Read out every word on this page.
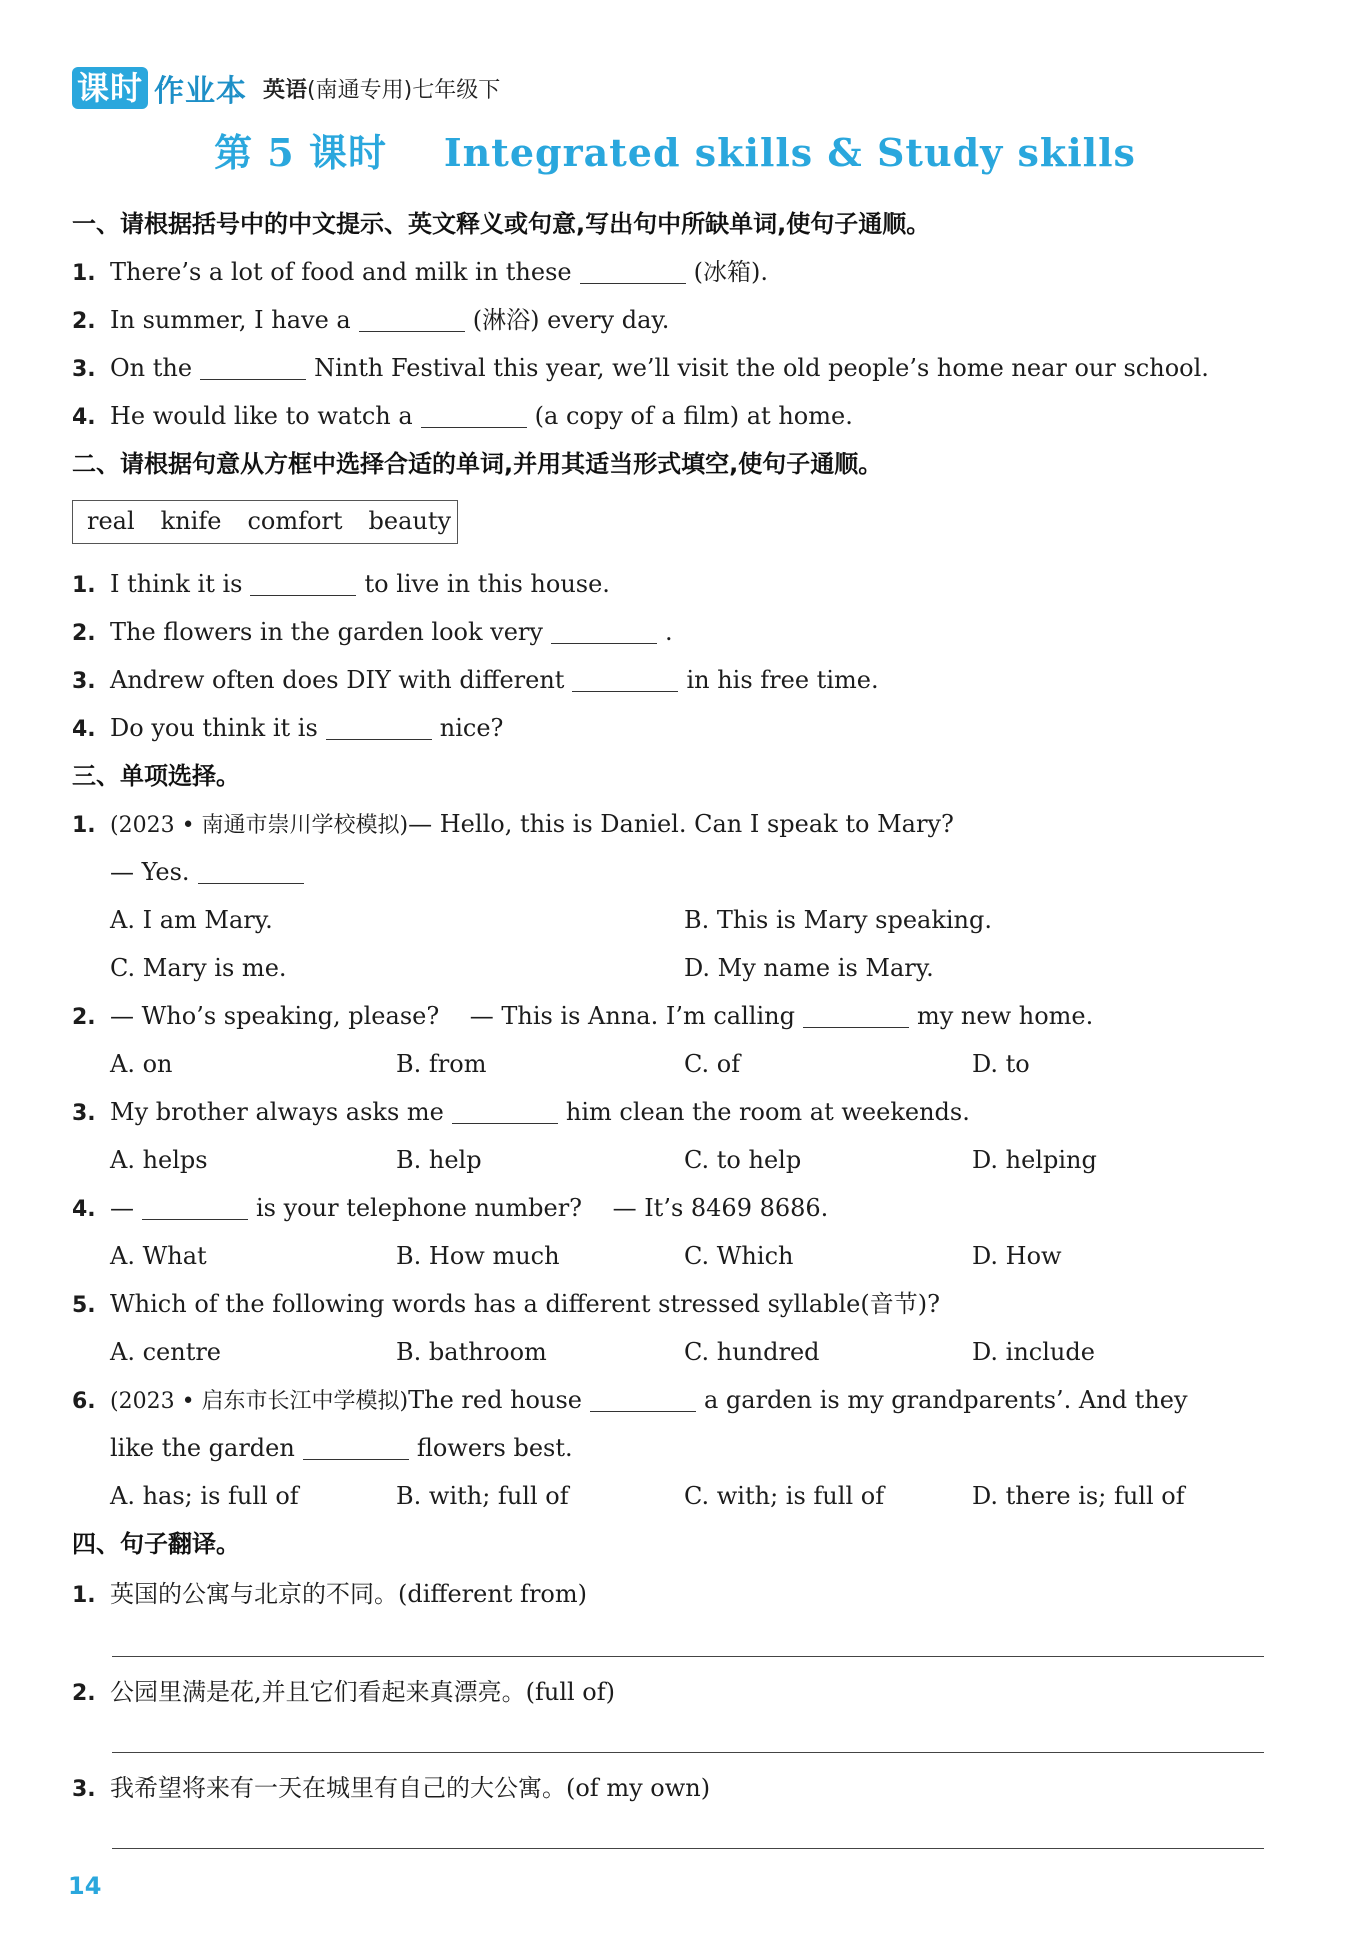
课时 作业本 英语(南通专用)七年级下
第 5 课时 Integrated skills & Study skills
一、请根据括号中的中文提示、英文释义或句意,写出句中所缺单词,使句子通顺。
1. There’s a lot of food and milk in these	(冰箱).
2. In summer, I have a	(淋浴) every day.
3. On the	Ninth Festival this year, we’ll visit the old people’s home near our school.
4. He would like to watch a	(a copy of a film) at home.
二、请根据句意从方框中选择合适的单词,并用其适当形式填空,使句子通顺。
real knife comfort beauty
1. I think it is	to live in this house.
2. The flowers in the garden look very	.
3. Andrew often does DIY with different	in his free time.
4. Do you think it is	nice?
三、单项选择。
1. (2023 • 南通市崇川学校模拟)— Hello, this is Daniel. Can I speak to Mary?
— Yes.
A. I am Mary.	B. This is Mary speaking.
C. Mary is me.	D. My name is Mary.
2. — Who’s speaking, please?    — This is Anna. I’m calling	my new home.
A. on	B. from	C. of	D. to
3. My brother always asks me	him clean the room at weekends.
A. helps	B. help	C. to help	D. helping
4. —	is your telephone number?    — It’s 8469 8686.
A. What	B. How much	C. Which	D. How
5. Which of the following words has a different stressed syllable(音节)?
A. centre	B. bathroom	C. hundred	D. include
6. (2023 • 启东市长江中学模拟)The red house	a garden is my grandparents’. And they
like the garden	flowers best.
A. has; is full of	B. with; full of	C. with; is full of	D. there is; full of
四、句子翻译。
1. 英国的公寓与北京的不同。(different from)
2. 公园里满是花,并且它们看起来真漂亮。(full of)
3. 我希望将来有一天在城里有自己的大公寓。(of my own)
14
